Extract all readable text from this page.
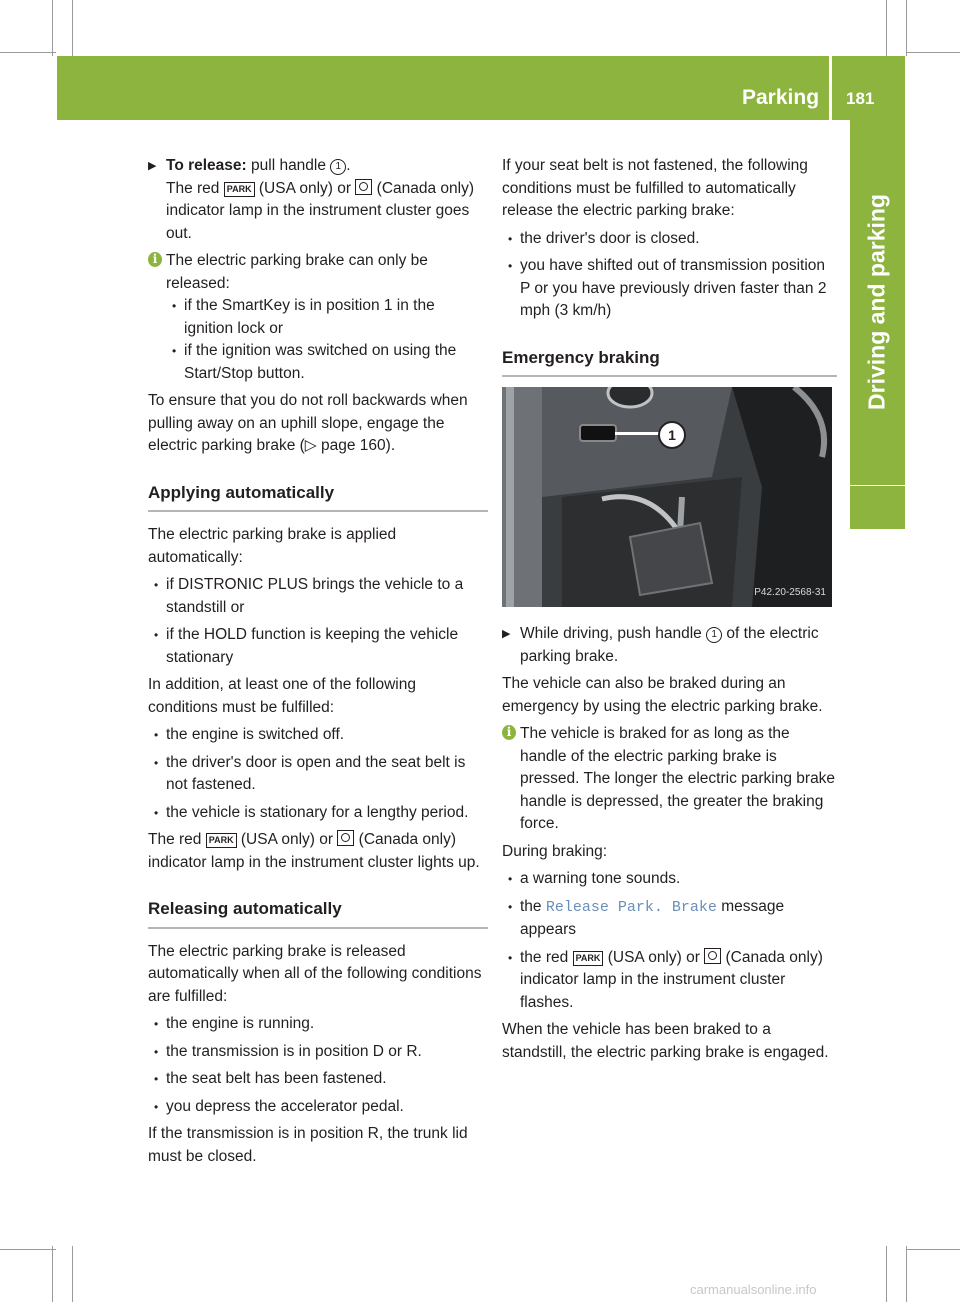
Parking 181
Driving and parking
▶ To release: pull handle 1 .
The red PARK (USA only) or  (Canada only) indicator lamp in the instrument cluster goes out.
i The electric parking brake can only be released:
• if the SmartKey is in position 1 in the ignition lock or
• if the ignition was switched on using the Start/Stop button.
To ensure that you do not roll backwards when pulling away on an uphill slope, engage the electric parking brake (▷ page 160).
Applying automatically
The electric parking brake is applied automatically:
• if DISTRONIC PLUS brings the vehicle to a standstill or
• if the HOLD function is keeping the vehicle stationary
In addition, at least one of the following conditions must be fulfilled:
• the engine is switched off.
• the driver's door is open and the seat belt is not fastened.
• the vehicle is stationary for a lengthy period.
The red PARK (USA only) or  (Canada only) indicator lamp in the instrument cluster lights up.
Releasing automatically
The electric parking brake is released automatically when all of the following conditions are fulfilled:
• the engine is running.
• the transmission is in position D or R.
• the seat belt has been fastened.
• you depress the accelerator pedal.
If the transmission is in position R, the trunk lid must be closed.
If your seat belt is not fastened, the following conditions must be fulfilled to automatically release the electric parking brake:
• the driver's door is closed.
• you have shifted out of transmission position P or you have previously driven faster than 2 mph (3 km/h)
Emergency braking
1
P42.20-2568-31
▶ While driving, push handle 1 of the electric parking brake.
The vehicle can also be braked during an emergency by using the electric parking brake.
i The vehicle is braked for as long as the handle of the electric parking brake is pressed. The longer the electric parking brake handle is depressed, the greater the braking force.
During braking:
• a warning tone sounds.
• the Release Park. Brake message appears
• the red PARK (USA only) or  (Canada only) indicator lamp in the instrument cluster flashes.
When the vehicle has been braked to a standstill, the electric parking brake is engaged.
carmanualsonline.info
